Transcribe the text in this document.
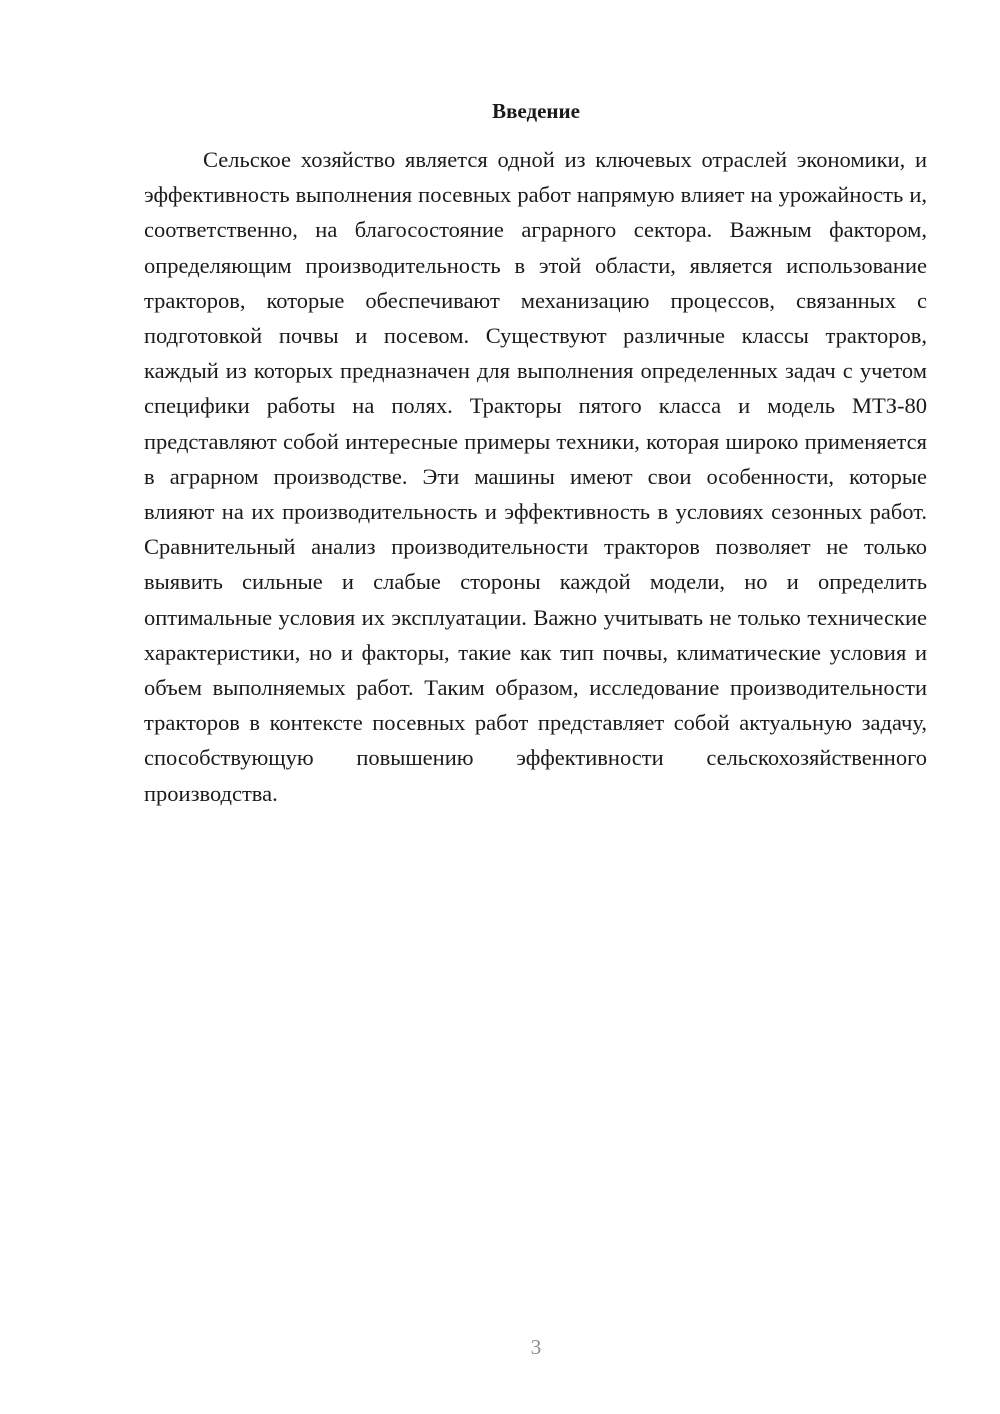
Введение

Сельское хозяйство является одной из ключевых отраслей экономики, и эффективность выполнения посевных работ напрямую влияет на урожайность и, соответственно, на благосостояние аграрного сектора. Важным фактором, определяющим производительность в этой области, является использование тракторов, которые обеспечивают механизацию процессов, связанных с подготовкой почвы и посевом. Существуют различные классы тракторов, каждый из которых предназначен для выполнения определенных задач с учетом специфики работы на полях. Тракторы пятого класса и модель МТЗ-80 представляют собой интересные примеры техники, которая широко применяется в аграрном производстве. Эти машины имеют свои особенности, которые влияют на их производительность и эффективность в условиях сезонных работ. Сравнительный анализ производительности тракторов позволяет не только выявить сильные и слабые стороны каждой модели, но и определить оптимальные условия их эксплуатации. Важно учитывать не только технические характеристики, но и факторы, такие как тип почвы, климатические условия и объем выполняемых работ. Таким образом, исследование производительности тракторов в контексте посевных работ представляет собой актуальную задачу, способствующую повышению эффективности сельскохозяйственного производства.

3
